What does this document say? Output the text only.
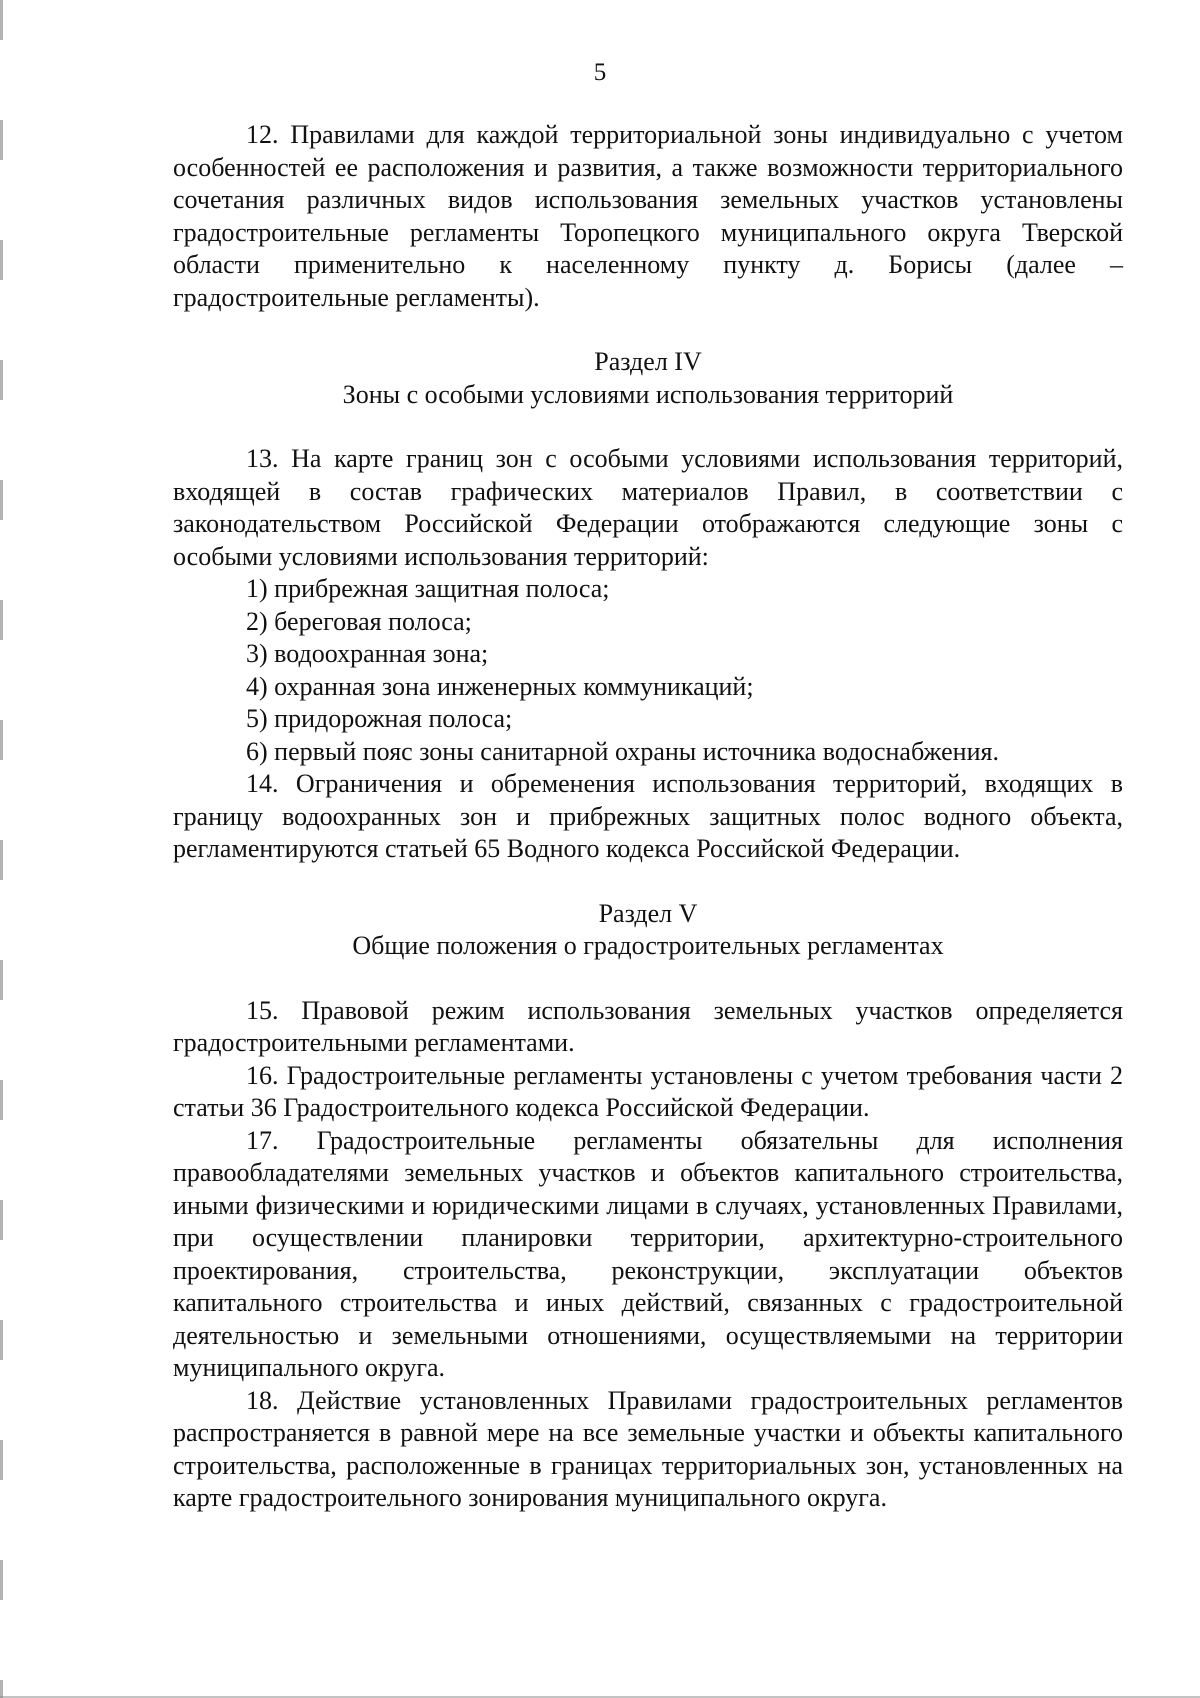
5

12. Правилами для каждой территориальной зоны индивидуально с учетом особенностей ее расположения и развития, а также возможности территориального сочетания различных видов использования земельных участков установлены градостроительные регламенты Торопецкого муниципального округа Тверской области применительно к населенному пункту д. Борисы (далее – градостроительные регламенты).

Раздел IV

Зоны с особыми условиями использования территорий

13. На карте границ зон с особыми условиями использования территорий, входящей в состав графических материалов Правил, в соответствии с законодательством Российской Федерации отображаются следующие зоны с особыми условиями использования территорий:

1) прибрежная защитная полоса;

2) береговая полоса;

3) водоохранная зона;

4) охранная зона инженерных коммуникаций;

5) придорожная полоса;

6) первый пояс зоны санитарной охраны источника водоснабжения.

14. Ограничения и обременения использования территорий, входящих в границу водоохранных зон и прибрежных защитных полос водного объекта, регламентируются статьей 65 Водного кодекса Российской Федерации.

Раздел V

Общие положения о градостроительных регламентах

15. Правовой режим использования земельных участков определяется градостроительными регламентами.

16. Градостроительные регламенты установлены с учетом требования части 2 статьи 36 Градостроительного кодекса Российской Федерации.

17. Градостроительные регламенты обязательны для исполнения правообладателями земельных участков и объектов капитального строительства, иными физическими и юридическими лицами в случаях, установленных Правилами, при осуществлении планировки территории, архитектурно-строительного проектирования, строительства, реконструкции, эксплуатации объектов капитального строительства и иных действий, связанных с градостроительной деятельностью и земельными отношениями, осуществляемыми на территории муниципального округа.

18. Действие установленных Правилами градостроительных регламентов распространяется в равной мере на все земельные участки и объекты капитального строительства, расположенные в границах территориальных зон, установленных на карте градостроительного зонирования муниципального округа.
